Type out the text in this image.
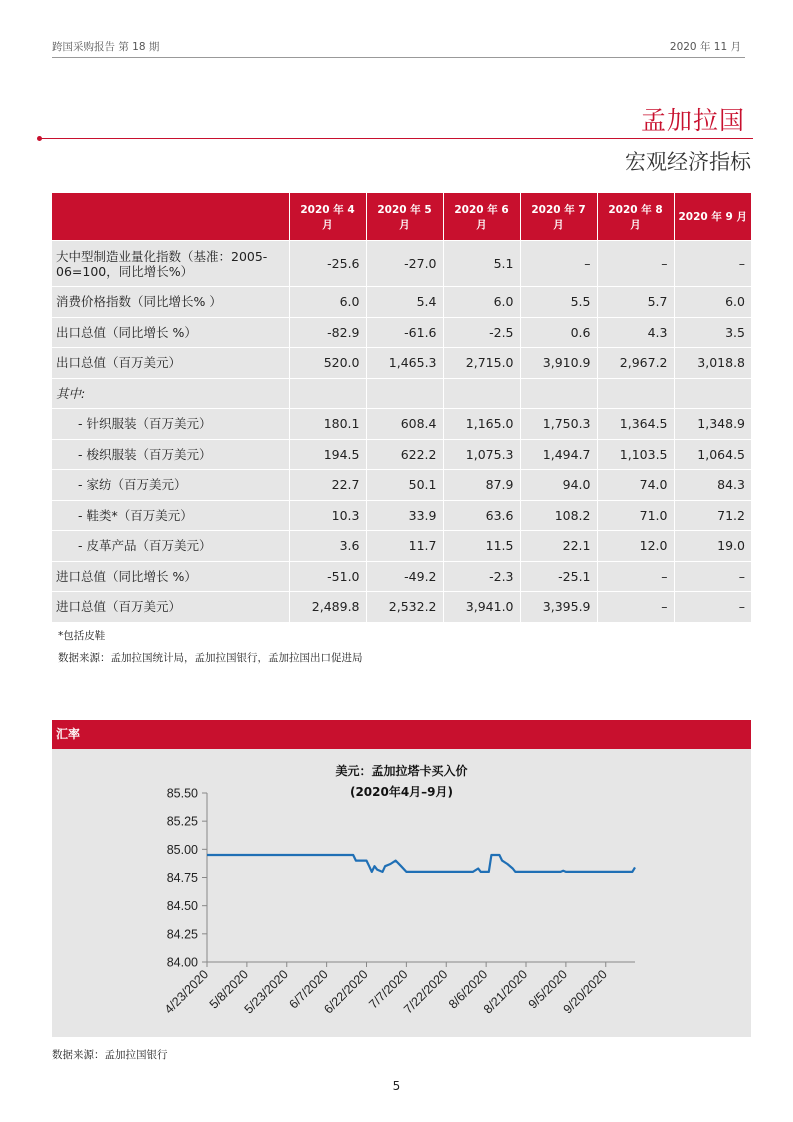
跨国采购报告 第 18 期	2020 年 11 月
孟加拉国
宏观经济指标
	2020 年 4 月	2020 年 5 月	2020 年 6 月	2020 年 7 月	2020 年 8 月	2020 年 9 月
大中型制造业量化指数（基准：2005-06=100，同比增长%）	-25.6	-27.0	5.1	–	–	–
消费价格指数（同比增长% ）	6.0	5.4	6.0	5.5	5.7	6.0
出口总值（同比增长 %）	-82.9	-61.6	-2.5	0.6	4.3	3.5
出口总值（百万美元）	520.0	1,465.3	2,715.0	3,910.9	2,967.2	3,018.8
其中:						
- 针织服装（百万美元）	180.1	608.4	1,165.0	1,750.3	1,364.5	1,348.9
- 梭织服装（百万美元）	194.5	622.2	1,075.3	1,494.7	1,103.5	1,064.5
- 家纺（百万美元）	22.7	50.1	87.9	94.0	74.0	84.3
- 鞋类*（百万美元）	10.3	33.9	63.6	108.2	71.0	71.2
- 皮革产品（百万美元）	3.6	11.7	11.5	22.1	12.0	19.0
进口总值（同比增长 %）	-51.0	-49.2	-2.3	-25.1	–	–
进口总值（百万美元）	2,489.8	2,532.2	3,941.0	3,395.9	–	–
*包括皮鞋
数据来源：孟加拉国统计局，孟加拉国银行，孟加拉国出口促进局
汇率
美元：孟加拉塔卡买入价
(2020年4月–9月)
85.50
85.25
85.00
84.75
84.50
84.25
84.00
4/23/2020
5/8/2020
5/23/2020
6/7/2020
6/22/2020
7/7/2020
7/22/2020
8/6/2020
8/21/2020
9/5/2020
9/20/2020
数据来源：孟加拉国银行
5
